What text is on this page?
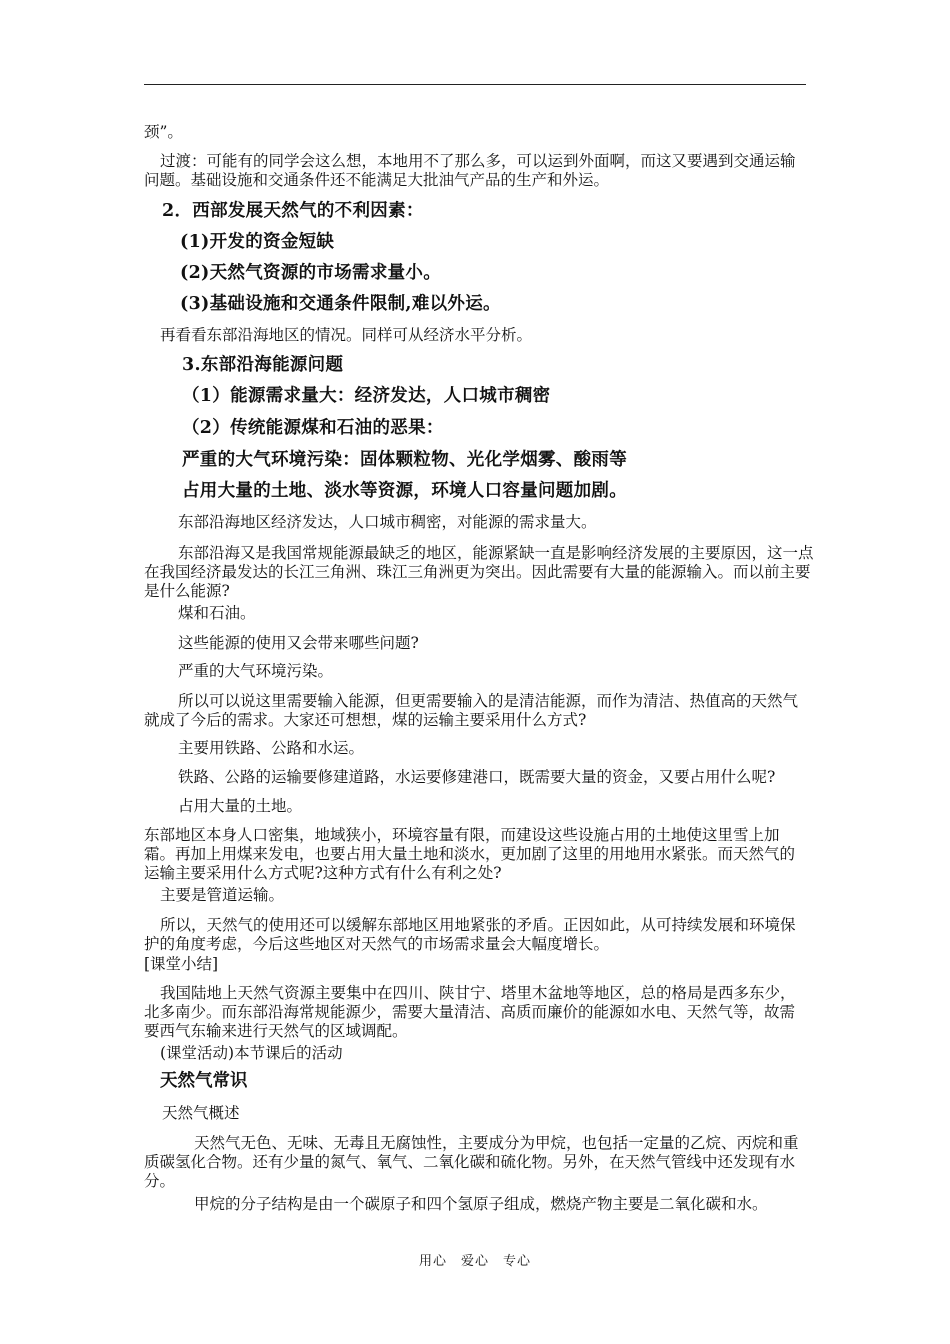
颈”。

过渡：可能有的同学会这么想，本地用不了那么多，可以运到外面啊，而这又要遇到交通运输问题。基础设施和交通条件还不能满足大批油气产品的生产和外运。

2．西部发展天然气的不利因素：

(1)开发的资金短缺

(2)天然气资源的市场需求量小。

(3)基础设施和交通条件限制,难以外运。

再看看东部沿海地区的情况。同样可从经济水平分析。

3.东部沿海能源问题

（1）能源需求量大：经济发达，人口城市稠密

（2）传统能源煤和石油的恶果：

严重的大气环境污染：固体颗粒物、光化学烟雾、酸雨等

占用大量的土地、淡水等资源，环境人口容量问题加剧。

东部沿海地区经济发达，人口城市稠密，对能源的需求量大。

东部沿海又是我国常规能源最缺乏的地区，能源紧缺一直是影响经济发展的主要原因，这一点在我国经济最发达的长江三角洲、珠江三角洲更为突出。因此需要有大量的能源输入。而以前主要是什么能源?

煤和石油。

这些能源的使用又会带来哪些问题?

严重的大气环境污染。

所以可以说这里需要输入能源，但更需要输入的是清洁能源，而作为清洁、热值高的天然气就成了今后的需求。大家还可想想，煤的运输主要采用什么方式?

主要用铁路、公路和水运。

铁路、公路的运输要修建道路，水运要修建港口，既需要大量的资金，又要占用什么呢?

占用大量的土地。

东部地区本身人口密集，地域狭小，环境容量有限，而建设这些设施占用的土地使这里雪上加霜。再加上用煤来发电，也要占用大量土地和淡水，更加剧了这里的用地用水紧张。而天然气的运输主要采用什么方式呢?这种方式有什么有利之处?

主要是管道运输。

所以，天然气的使用还可以缓解东部地区用地紧张的矛盾。正因如此，从可持续发展和环境保护的角度考虑，今后这些地区对天然气的市场需求量会大幅度增长。

[课堂小结]

我国陆地上天然气资源主要集中在四川、陕甘宁、塔里木盆地等地区，总的格局是西多东少，北多南少。而东部沿海常规能源少，需要大量清洁、高质而廉价的能源如水电、天然气等，故需要西气东输来进行天然气的区域调配。

(课堂活动)本节课后的活动

天然气常识

天然气概述

天然气无色、无味、无毒且无腐蚀性，主要成分为甲烷，也包括一定量的乙烷、丙烷和重质碳氢化合物。还有少量的氮气、氧气、二氧化碳和硫化物。另外，在天然气管线中还发现有水分。

甲烷的分子结构是由一个碳原子和四个氢原子组成，燃烧产物主要是二氧化碳和水。

用心　爱心　专心
